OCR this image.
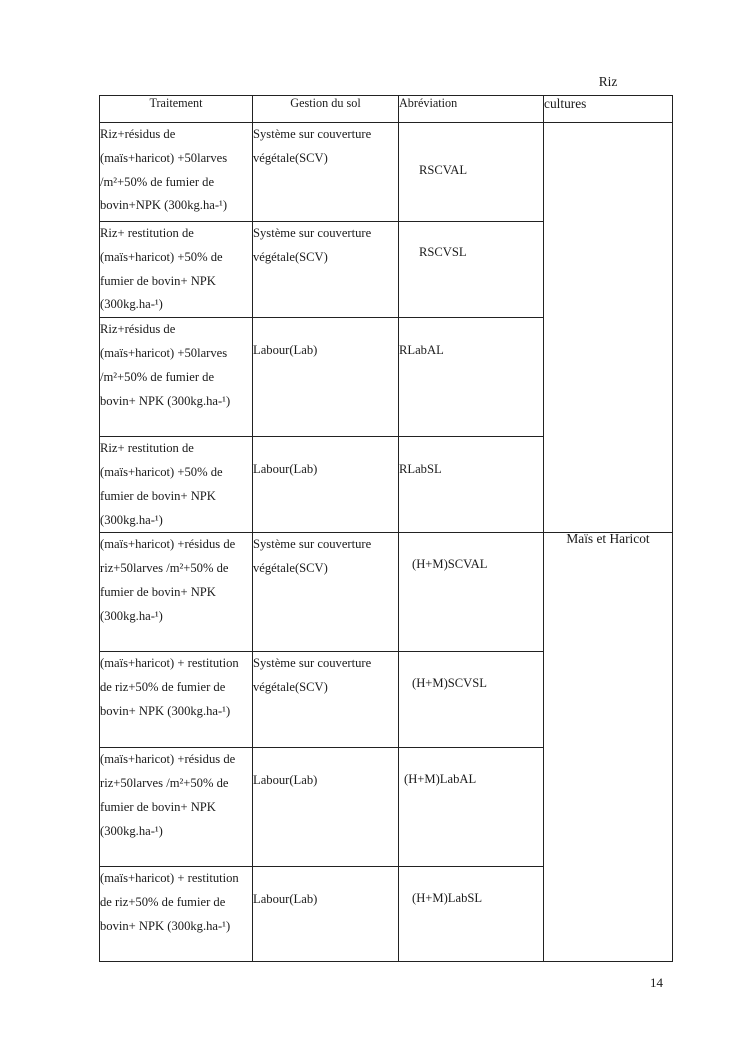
Traitement	Gestion du sol	Abréviation	cultures
Riz+résidus de (maïs+haricot) +50larves /m²+50% de fumier de bovin+NPK (300kg.ha-¹)	Système sur couverture végétale(SCV)	RSCVAL	Riz

Riz+ restitution de (maïs+haricot) +50% de fumier de bovin+ NPK (300kg.ha-¹)	Système sur couverture végétale(SCV)	RSCVSL	

Riz+résidus de (maïs+haricot) +50larves /m²+50% de fumier de bovin+ NPK (300kg.ha-¹)	Labour(Lab)	RLabAL	

Riz+ restitution de (maïs+haricot) +50% de fumier de bovin+ NPK (300kg.ha-¹)	Labour(Lab)	RLabSL	

(maïs+haricot) +résidus de riz+50larves /m²+50% de fumier de bovin+ NPK (300kg.ha-¹)	Système sur couverture végétale(SCV)	(H+M)SCVAL	Maïs et Haricot

(maïs+haricot) + restitution de riz+50% de fumier de bovin+ NPK (300kg.ha-¹)	Système sur couverture végétale(SCV)	(H+M)SCVSL	

(maïs+haricot) +résidus de riz+50larves /m²+50% de fumier de bovin+ NPK (300kg.ha-¹)	Labour(Lab)	(H+M)LabAL	

(maïs+haricot) + restitution de riz+50% de fumier de bovin+ NPK (300kg.ha-¹)	Labour(Lab)	(H+M)LabSL	
14
